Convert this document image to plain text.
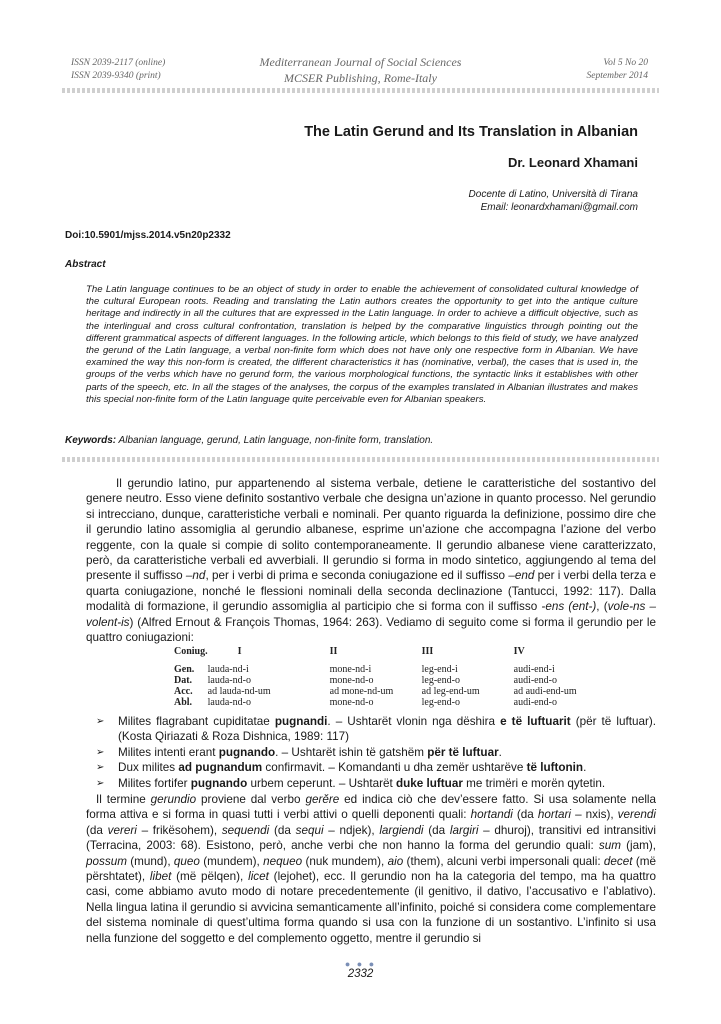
ISSN 2039-2117 (online)
ISSN 2039-9340 (print)
Mediterranean Journal of Social Sciences
MCSER Publishing, Rome-Italy
Vol 5 No 20
September 2014
The Latin Gerund and Its Translation in Albanian
Dr. Leonard Xhamani
Docente di Latino, Università di Tirana
Email: leonardxhamani@gmail.com
Doi:10.5901/mjss.2014.v5n20p2332
Abstract
The Latin language continues to be an object of study in order to enable the achievement of consolidated cultural knowledge of the cultural European roots. Reading and translating the Latin authors creates the opportunity to get into the antique culture heritage and indirectly in all the cultures that are expressed in the Latin language. In order to achieve a difficult objective, such as the interlingual and cross cultural confrontation, translation is helped by the comparative linguistics through pointing out the different grammatical aspects of different languages. In the following article, which belongs to this field of study, we have analyzed the gerund of the Latin language, a verbal non-finite form which does not have only one respective form in Albanian. We have examined the way this non-form is created, the different characteristics it has (nominative, verbal), the cases that is used in, the groups of the verbs which have no gerund form, the various morphological functions, the syntactic links it establishes with other parts of the speech, etc. In all the stages of the analyses, the corpus of the examples translated in Albanian illustrates and makes this special non-finite form of the Latin language quite perceivable even for Albanian speakers.
Keywords: Albanian language, gerund, Latin language, non-finite form, translation.
Il gerundio latino, pur appartenendo al sistema verbale, detiene le caratteristiche del sostantivo del genere neutro. Esso viene definito sostantivo verbale che designa un’azione in quanto processo. Nel gerundio si intrecciano, dunque, caratteristiche verbali e nominali. Per quanto riguarda la definizione, possimo dire che il gerundio latino assomiglia al gerundio albanese, esprime un’azione che accompagna l’azione del verbo reggente, con la quale si compie di solito contemporaneamente. Il gerundio albanese viene caratterizzato, però, da caratteristiche verbali ed avverbiali. Il gerundio si forma in modo sintetico, aggiungendo al tema del presente il suffisso –nd, per i verbi di prima e seconda coniugazione ed il suffisso –end per i verbi della terza e quarta coniugazione, nonché le flessioni nominali della seconda declinazione (Tantucci, 1992: 117). Dalla modalità di formazione, il gerundio assomiglia al participio che si forma con il suffisso -ens (ent-), (vole-ns – volent-is) (Alfred Ernout & François Thomas, 1964: 263). Vediamo di seguito come si forma il gerundio per le quattro coniugazioni:
Coniug.	I	II	III	IV
Gen.	lauda-nd-i	mone-nd-i	leg-end-i	audi-end-i
Dat.	lauda-nd-o	mone-nd-o	leg-end-o	audi-end-o
Acc.	ad lauda-nd-um	ad mone-nd-um	ad leg-end-um	ad audi-end-um
Abl.	lauda-nd-o	mone-nd-o	leg-end-o	audi-end-o
➢ Milites flagrabant cupiditatae pugnandi. – Ushtarët vlonin nga dëshira e të luftuarit (për të luftuar). (Kosta Qiriazati & Roza Dishnica, 1989: 117)
➢ Milites intenti erant pugnando. – Ushtarët ishin të gatshëm për të luftuar.
➢ Dux milites ad pugnandum confirmavit. – Komandanti u dha zemër ushtarëve të luftonin.
➢ Milites fortifer pugnando urbem ceperunt. – Ushtarët duke luftuar me trimëri e morën qytetin.
Il termine gerundio proviene dal verbo gerĕre ed indica ciò che dev’essere fatto. Si usa solamente nella forma attiva e si forma in quasi tutti i verbi attivi o quelli deponenti quali: hortandi (da hortari – nxis), verendi (da vereri – frikësohem), sequendi (da sequi – ndjek), largiendi (da largiri – dhuroj), transitivi ed intransitivi (Terracina, 2003: 68). Esistono, però, anche verbi che non hanno la forma del gerundio quali: sum (jam), possum (mund), queo (mundem), nequeo (nuk mundem), aio (them), alcuni verbi impersonali quali: decet (më përshtatet), libet (më pëlqen), licet (lejohet), ecc. Il gerundio non ha la categoria del tempo, ma ha quattro casi, come abbiamo avuto modo di notare precedentemente (il genitivo, il dativo, l’accusativo e l’ablativo). Nella lingua latina il gerundio si avvicina semanticamente all’infinito, poiché si considera come complementare del sistema nominale di quest’ultima forma quando si usa con la funzione di un sostantivo. L’infinito si usa nella funzione del soggetto e del complemento oggetto, mentre il gerundio si
● ● ●
2332
